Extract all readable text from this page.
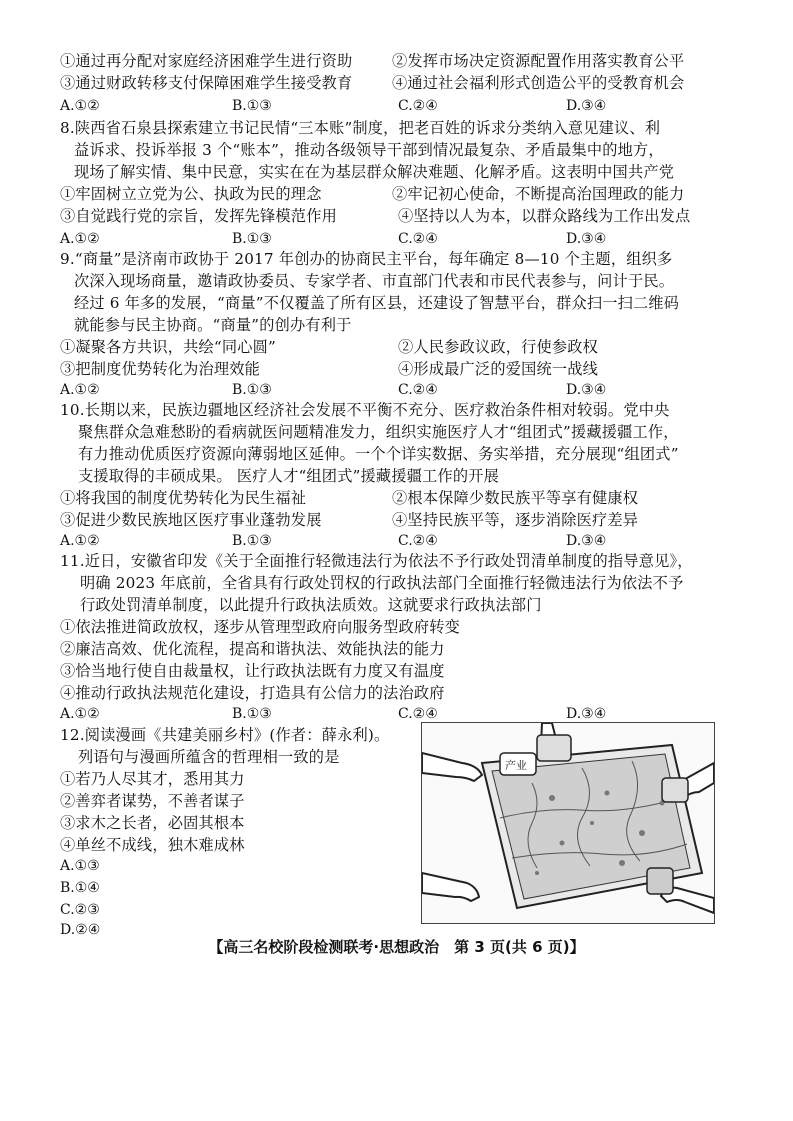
①通过再分配对家庭经济困难学生进行资助	②发挥市场决定资源配置作用落实教育公平
③通过财政转移支付保障困难学生接受教育	④通过社会福利形式创造公平的受教育机会
A.①②	B.①③	C.②④	D.③④
8.陕西省石泉县探索建立书记民情“三本账”制度，把老百姓的诉求分类纳入意见建议、利
益诉求、投诉举报 3 个“账本”，推动各级领导干部到情况最复杂、矛盾最集中的地方，
现场了解实情、集中民意，实实在在为基层群众解决难题、化解矛盾。这表明中国共产党
①牢固树立立党为公、执政为民的理念	②牢记初心使命，不断提高治国理政的能力
③自觉践行党的宗旨，发挥先锋模范作用	④坚持以人为本，以群众路线为工作出发点
A.①②	B.①③	C.②④	D.③④
9.“商量”是济南市政协于 2017 年创办的协商民主平台，每年确定 8—10 个主题，组织多
次深入现场商量，邀请政协委员、专家学者、市直部门代表和市民代表参与，问计于民。
经过 6 年多的发展，“商量”不仅覆盖了所有区县，还建设了智慧平台，群众扫一扫二维码
就能参与民主协商。“商量”的创办有利于
①凝聚各方共识，共绘“同心圆”	②人民参政议政，行使参政权
③把制度优势转化为治理效能	④形成最广泛的爱国统一战线
A.①②	B.①③	C.②④	D.③④
10.长期以来，民族边疆地区经济社会发展不平衡不充分、医疗救治条件相对较弱。党中央
聚焦群众急难愁盼的看病就医问题精准发力，组织实施医疗人才“组团式”援藏援疆工作，
有力推动优质医疗资源向薄弱地区延伸。一个个详实数据、务实举措，充分展现“组团式”
支援取得的丰硕成果。 医疗人才“组团式”援藏援疆工作的开展
①将我国的制度优势转化为民生福祉	②根本保障少数民族平等享有健康权
③促进少数民族地区医疗事业蓬勃发展	④坚持民族平等，逐步消除医疗差异
A.①②	B.①③	C.②④	D.③④
11.近日，安徽省印发《关于全面推行轻微违法行为依法不予行政处罚清单制度的指导意见》，
明确 2023 年底前，全省具有行政处罚权的行政执法部门全面推行轻微违法行为依法不予
行政处罚清单制度，以此提升行政执法质效。这就要求行政执法部门
①依法推进简政放权，逐步从管理型政府向服务型政府转变
②廉洁高效、优化流程，提高和谐执法、效能执法的能力
③恰当地行使自由裁量权，让行政执法既有力度又有温度
④推动行政执法规范化建设，打造具有公信力的法治政府
A.①②	B.①③	C.②④	D.③④
12.阅读漫画《共建美丽乡村》(作者：薛永利)。
列语句与漫画所蕴含的哲理相一致的是
①若乃人尽其才，悉用其力
②善弈者谋势，不善者谋子
③求木之长者，必固其根本
④单丝不成线，独木难成林
A.①③
B.①④
C.②③
D.②④
产业
【高三名校阶段检测联考·思想政治　第 3 页(共 6 页)】
